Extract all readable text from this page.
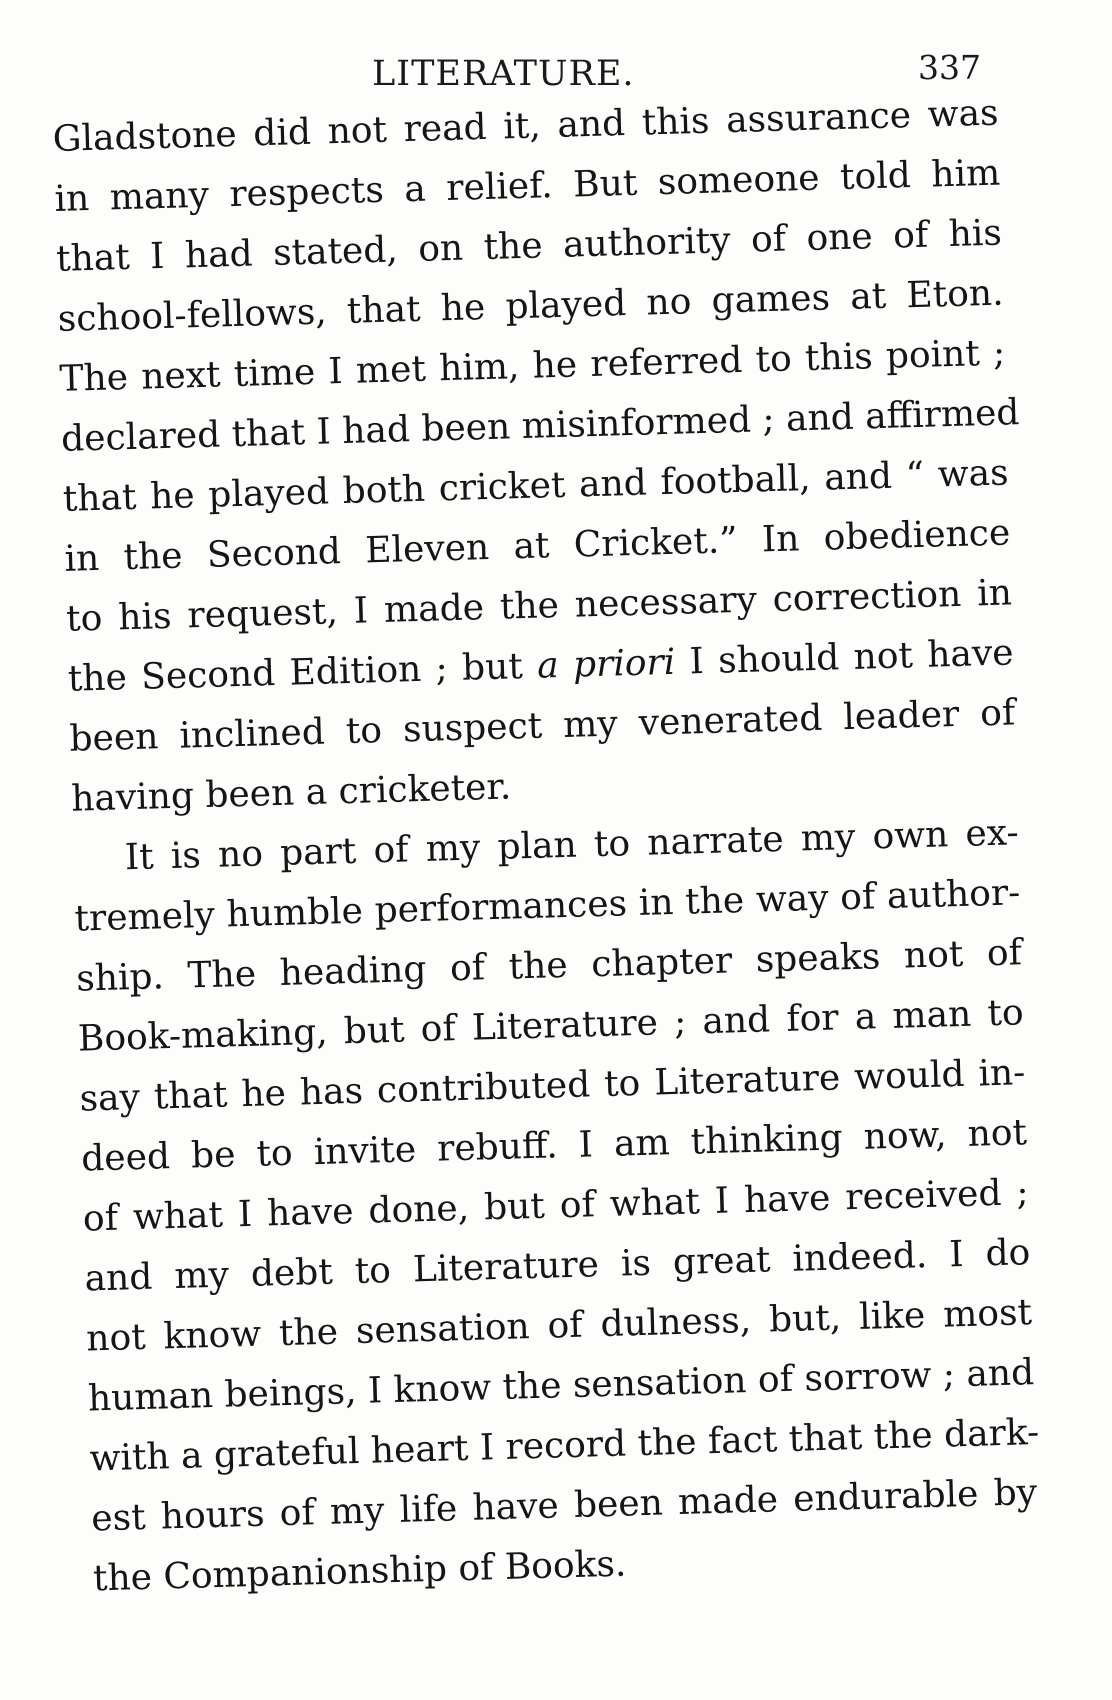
LITERATURE.	337
Gladstone did not read it, and this assurance was
in many respects a relief. But someone told him
that I had stated, on the authority of one of his
school-fellows, that he played no games at Eton.
The next time I met him, he referred to this point ;
declared that I had been misinformed ; and affirmed
that he played both cricket and football, and “ was
in the Second Eleven at Cricket.” In obedience
to his request, I made the necessary correction in
the Second Edition ; but a priori I should not have
been inclined to suspect my venerated leader of
having been a cricketer.
It is no part of my plan to narrate my own ex-
tremely humble performances in the way of author-
ship. The heading of the chapter speaks not of
Book-making, but of Literature ; and for a man to
say that he has contributed to Literature would in-
deed be to invite rebuff. I am thinking now, not
of what I have done, but of what I have received ;
and my debt to Literature is great indeed. I do
not know the sensation of dulness, but, like most
human beings, I know the sensation of sorrow ; and
with a grateful heart I record the fact that the dark-
est hours of my life have been made endurable by
the Companionship of Books.
